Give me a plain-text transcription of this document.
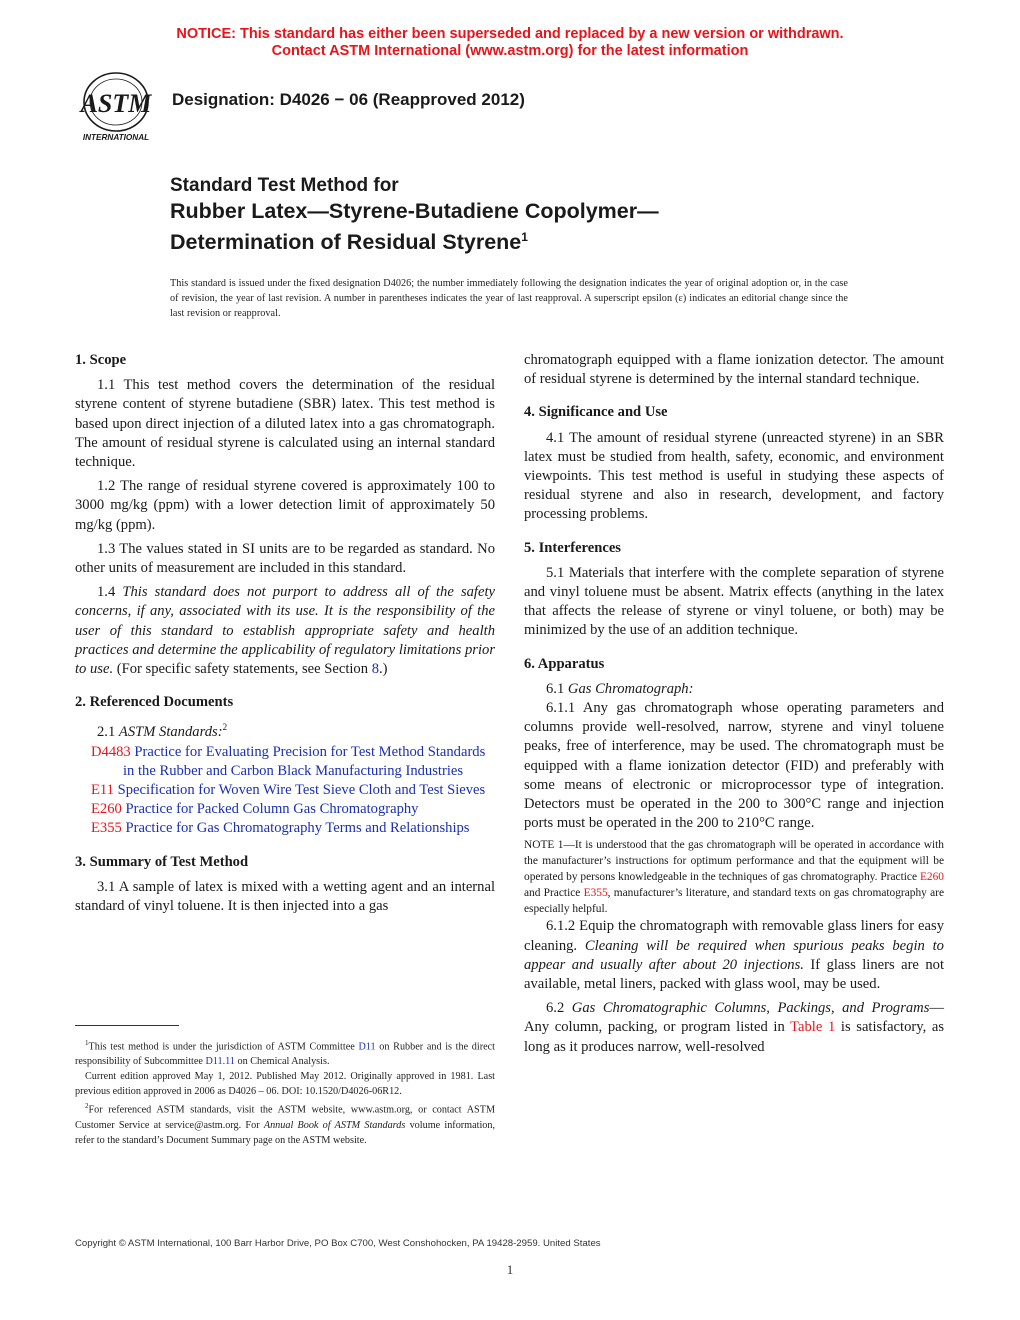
NOTICE: This standard has either been superseded and replaced by a new version or withdrawn.
Contact ASTM International (www.astm.org) for the latest information
ASTM
INTERNATIONAL
Designation: D4026 − 06 (Reapproved 2012)
Standard Test Method for
Rubber Latex—Styrene-Butadiene Copolymer—
Determination of Residual Styrene$^1$
This standard is issued under the fixed designation D4026; the number immediately following the designation indicates the year of original adoption or, in the case of revision, the year of last revision. A number in parentheses indicates the year of last reapproval. A superscript epsilon (ε) indicates an editorial change since the last revision or reapproval.
1. Scope

1.1 This test method covers the determination of the residual styrene content of styrene butadiene (SBR) latex. This test method is based upon direct injection of a diluted latex into a gas chromatograph. The amount of residual styrene is calculated using an internal standard technique.

1.2 The range of residual styrene covered is approximately 100 to 3000 mg/kg (ppm) with a lower detection limit of approximately 50 mg/kg (ppm).

1.3 The values stated in SI units are to be regarded as standard. No other units of measurement are included in this standard.

1.4 This standard does not purport to address all of the safety concerns, if any, associated with its use. It is the responsibility of the user of this standard to establish appropriate safety and health practices and determine the applicability of regulatory limitations prior to use. (For specific safety statements, see Section 8.)

2. Referenced Documents

2.1 ASTM Standards:$^2$

D4483 Practice for Evaluating Precision for Test Method Standards in the Rubber and Carbon Black Manufacturing Industries

E11 Specification for Woven Wire Test Sieve Cloth and Test Sieves

E260 Practice for Packed Column Gas Chromatography

E355 Practice for Gas Chromatography Terms and Relationships

3. Summary of Test Method

3.1 A sample of latex is mixed with a wetting agent and an internal standard of vinyl toluene. It is then injected into a gas

$^1$This test method is under the jurisdiction of ASTM Committee D11 on Rubber and is the direct responsibility of Subcommittee D11.11 on Chemical Analysis.

Current edition approved May 1, 2012. Published May 2012. Originally approved in 1981. Last previous edition approved in 2006 as D4026 – 06. DOI: 10.1520/D4026-06R12.

$^2$For referenced ASTM standards, visit the ASTM website, www.astm.org, or contact ASTM Customer Service at service@astm.org. For Annual Book of ASTM Standards volume information, refer to the standard’s Document Summary page on the ASTM website.

chromatograph equipped with a flame ionization detector. The amount of residual styrene is determined by the internal standard technique.

4. Significance and Use

4.1 The amount of residual styrene (unreacted styrene) in an SBR latex must be studied from health, safety, economic, and environment viewpoints. This test method is useful in studying these aspects of residual styrene and also in research, development, and factory processing problems.

5. Interferences

5.1 Materials that interfere with the complete separation of styrene and vinyl toluene must be absent. Matrix effects (anything in the latex that affects the release of styrene or vinyl toluene, or both) may be minimized by the use of an addition technique.

6. Apparatus

6.1 Gas Chromatograph:

6.1.1 Any gas chromatograph whose operating parameters and columns provide well-resolved, narrow, styrene and vinyl toluene peaks, free of interference, may be used. The chromatograph must be equipped with a flame ionization detector (FID) and preferably with some means of electronic or microprocessor type of integration. Detectors must be operated in the 200 to 300°C range and injection ports must be operated in the 200 to 210°C range.

NOTE 1—It is understood that the gas chromatograph will be operated in accordance with the manufacturer’s instructions for optimum performance and that the equipment will be operated by persons knowledgeable in the techniques of gas chromatography. Practice E260 and Practice E355, manufacturer’s literature, and standard texts on gas chromatography are especially helpful.

6.1.2 Equip the chromatograph with removable glass liners for easy cleaning. Cleaning will be required when spurious peaks begin to appear and usually after about 20 injections. If glass liners are not available, metal liners, packed with glass wool, may be used.

6.2 Gas Chromatographic Columns, Packings, and Programs—Any column, packing, or program listed in Table 1 is satisfactory, as long as it produces narrow, well-resolved

Copyright © ASTM International, 100 Barr Harbor Drive, PO Box C700, West Conshohocken, PA 19428-2959. United States
1
